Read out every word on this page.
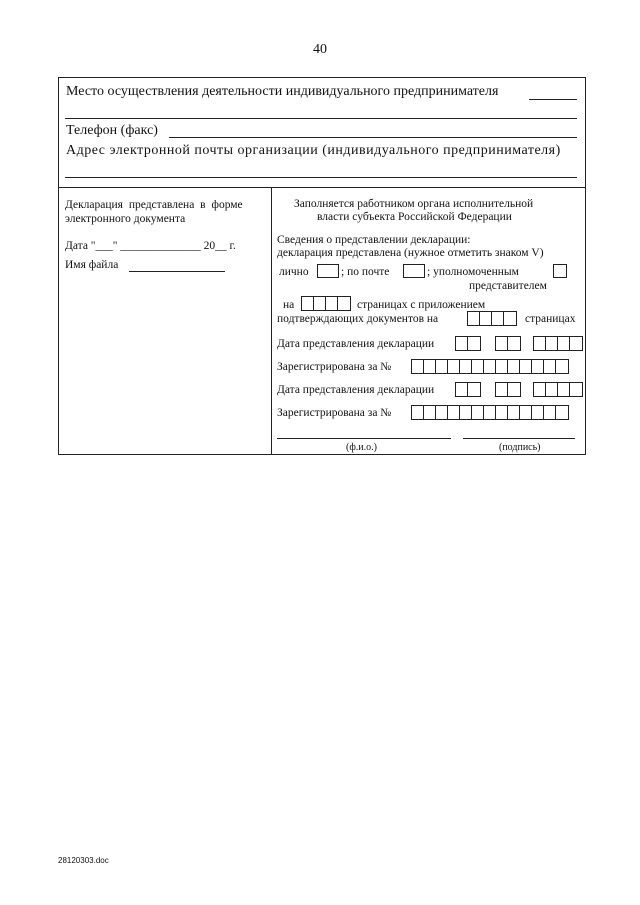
40
Место осуществления деятельности индивидуального предпринимателя
Телефон (факс)
Адрес электронной почты организации (индивидуального предпринимателя)
Декларация представлена в форме
электронного документа
Дата "___" ______________ 20__ г.
Имя файла
Заполняется работником органа исполнительной
власти субъекта Российской Федерации
Сведения о представлении декларации:
декларация представлена (нужное отметить знаком V)
лично	; по почте	; уполномоченным
представителем
на	страницах с приложением
подтверждающих документов на	страницах
Дата представления декларации
Зарегистрирована за №
Дата представления декларации
Зарегистрирована за №
(ф.и.о.)	(подпись)
28120303.doc
